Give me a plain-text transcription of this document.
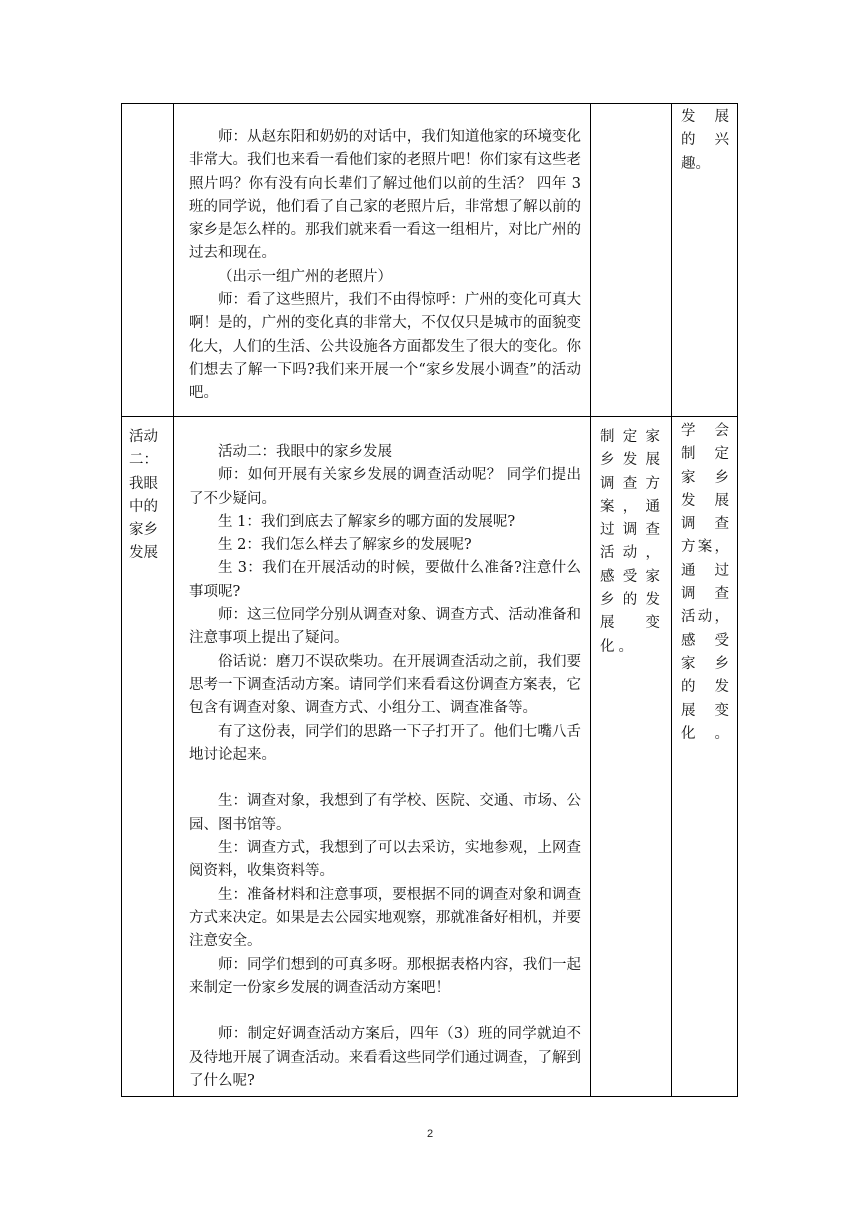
师：从赵东阳和奶奶的对话中，我们知道他家的环境变化非常大。我们也来看一看他们家的老照片吧！你们家有这些老照片吗？你有没有向长辈们了解过他们以前的生活？ 四年 3 班的同学说，他们看了自己家的老照片后，非常想了解以前的家乡是怎么样的。那我们就来看一看这一组相片，对比广州的过去和现在。

（出示一组广州的老照片）

师：看了这些照片，我们不由得惊呼：广州的变化可真大啊！是的，广州的变化真的非常大，不仅仅只是城市的面貌变化大，人们的生活、公共设施各方面都发生了很大的变化。你们想去了解一下吗?我们来开展一个“家乡发展小调查”的活动吧。

发　展
的 兴
趣。
活动二：我眼中的家乡发展

活动二：我眼中的家乡发展

师：如何开展有关家乡发展的调查活动呢？ 同学们提出了不少疑问。

生 1：我们到底去了解家乡的哪方面的发展呢?

生 2：我们怎么样去了解家乡的发展呢?

生 3：我们在开展活动的时候，要做什么准备?注意什么事项呢?

师：这三位同学分别从调查对象、调查方式、活动准备和注意事项上提出了疑问。

俗话说：磨刀不误砍柴功。在开展调查活动之前，我们要思考一下调查活动方案。请同学们来看看这份调查方案表，它包含有调查对象、调查方式、小组分工、调查准备等。

有了这份表，同学们的思路一下子打开了。他们七嘴八舌地讨论起来。

生：调查对象，我想到了有学校、医院、交通、市场、公园、图书馆等。

生：调查方式，我想到了可以去采访，实地参观，上网查阅资料，收集资料等。

生：准备材料和注意事项，要根据不同的调查对象和调查方式来决定。如果是去公园实地观察，那就准备好相机，并要注意安全。

师：同学们想到的可真多呀。那根据表格内容，我们一起来制定一份家乡发展的调查活动方案吧！

师：制定好调查活动方案后，四年（3）班的同学就迫不及待地开展了调查活动。来看看这些同学们通过调查，了解到了什么呢?

制定家乡发展调查方案，通过调查活动，感受家乡的发展变化。
学　会
制　定
家　乡
发　展
调　查
方案，
通　过
调　查
活动，
感　受
家　乡
的　发
展　变
化　。
2
